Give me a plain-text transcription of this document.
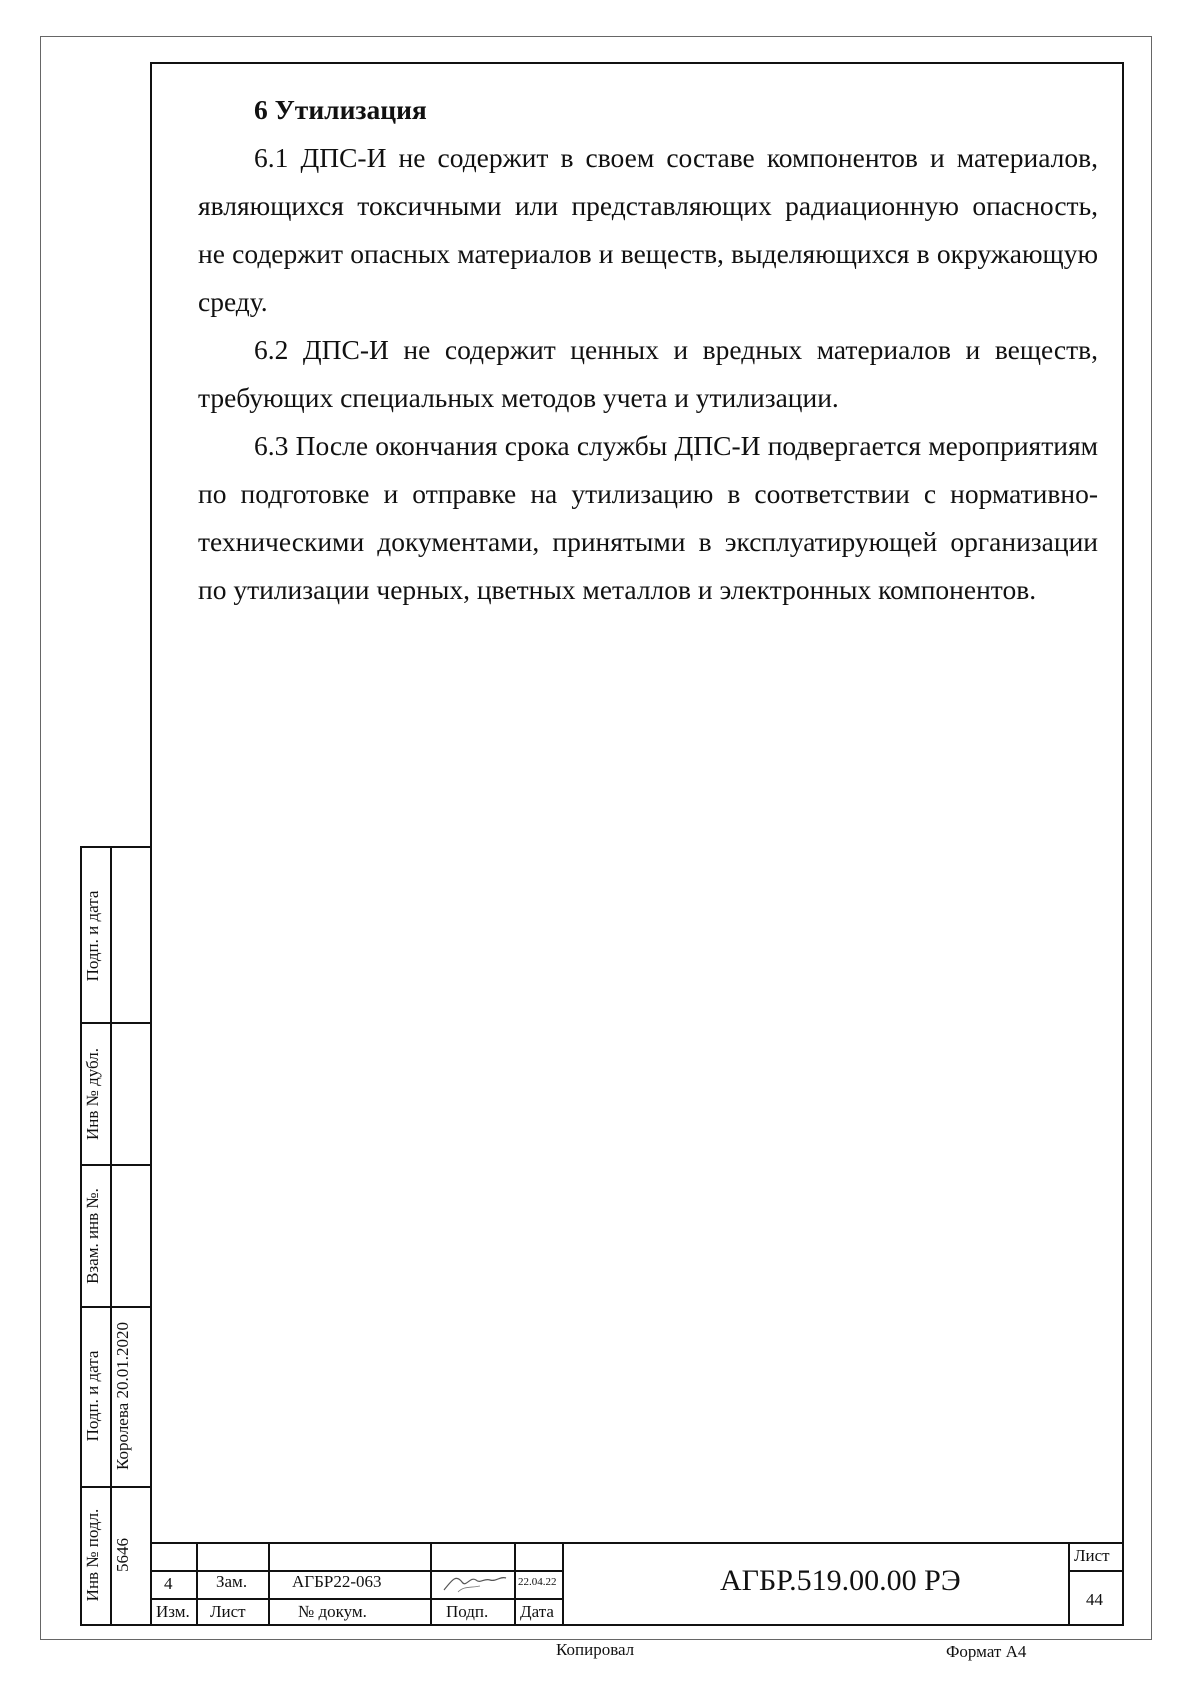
6 Утилизация
6.1 ДПС-И не содержит в своем составе компонентов и материалов, являющихся токсичными или представляющих радиационную опасность, не содержит опасных материалов и веществ, выделяющихся в окружающую среду.
6.2 ДПС-И не содержит ценных и вредных материалов и веществ, требующих специальных методов учета и утилизации.
6.3 После окончания срока службы ДПС-И подвергается мероприятиям по подготовке и отправке на утилизацию в соответствии с нормативно-техническими документами, принятыми в эксплуатирующей организации по утилизации черных, цветных металлов и электронных компонентов.
Подп. и дата
Инв № дубл.
Взам. инв №.
Подп. и дата Королева 20.01.2020
Инв № подл. 5646
4	Зам.	АГБР22-063	22.04.22
Изм. Лист	№ докум.	Подп. Дата
АГБР.519.00.00 РЭ
Лист
44
Копировал	Формат А4
